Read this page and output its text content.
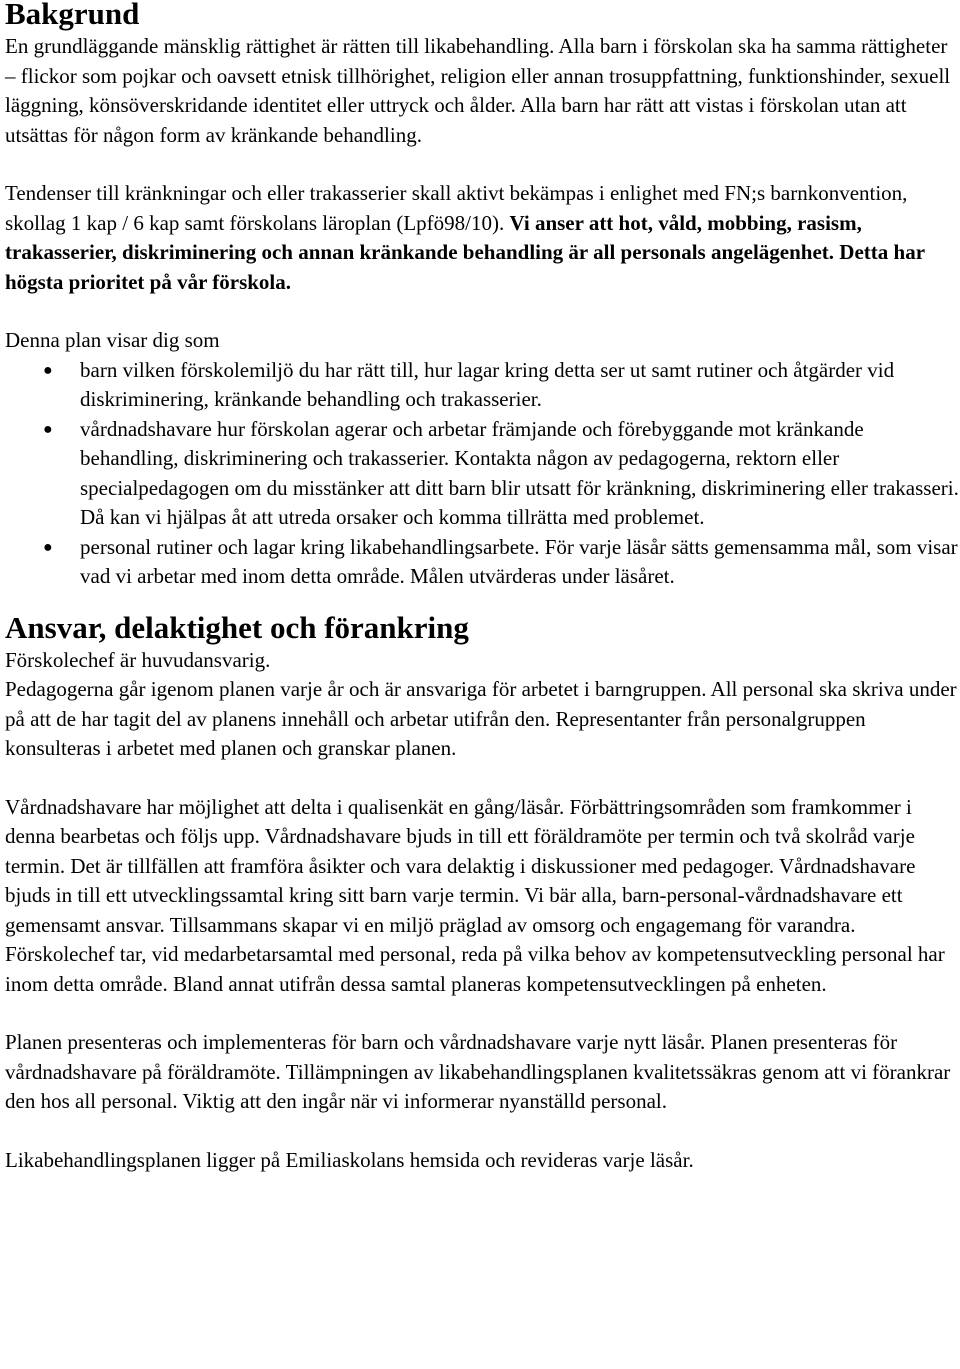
Bakgrund

En grundläggande mänsklig rättighet är rätten till likabehandling. Alla barn i förskolan ska ha samma rättigheter – flickor som pojkar och oavsett etnisk tillhörighet, religion eller annan trosuppfattning, funktionshinder, sexuell läggning, könsöverskridande identitet eller uttryck och ålder. Alla barn har rätt att vistas i förskolan utan att utsättas för någon form av kränkande behandling.

Tendenser till kränkningar och eller trakasserier skall aktivt bekämpas i enlighet med FN;s barnkonvention, skollag 1 kap / 6 kap samt förskolans läroplan (Lpfö98/10). Vi anser att hot, våld, mobbing, rasism, trakasserier, diskriminering och annan kränkande behandling är all personals angelägenhet. Detta har högsta prioritet på vår förskola.

Denna plan visar dig som

● barn vilken förskolemiljö du har rätt till, hur lagar kring detta ser ut samt rutiner och åtgärder vid diskriminering, kränkande behandling och trakasserier.
● vårdnadshavare hur förskolan agerar och arbetar främjande och förebyggande mot kränkande behandling, diskriminering och trakasserier. Kontakta någon av pedagogerna, rektorn eller specialpedagogen om du misstänker att ditt barn blir utsatt för kränkning, diskriminering eller trakasseri. Då kan vi hjälpas åt att utreda orsaker och komma tillrätta med problemet.
● personal rutiner och lagar kring likabehandlingsarbete. För varje läsår sätts gemensamma mål, som visar vad vi arbetar med inom detta område. Målen utvärderas under läsåret.
Ansvar, delaktighet och förankring

Förskolechef är huvudansvarig.

Pedagogerna går igenom planen varje år och är ansvariga för arbetet i barngruppen. All personal ska skriva under på att de har tagit del av planens innehåll och arbetar utifrån den. Representanter från personalgruppen konsulteras i arbetet med planen och granskar planen.

Vårdnadshavare har möjlighet att delta i qualisenkät en gång/läsår. Förbättringsområden som framkommer i denna bearbetas och följs upp. Vårdnadshavare bjuds in till ett föräldramöte per termin och två skolråd varje termin. Det är tillfällen att framföra åsikter och vara delaktig i diskussioner med pedagoger. Vårdnadshavare bjuds in till ett utvecklingssamtal kring sitt barn varje termin. Vi bär alla, barn-personal-vårdnadshavare ett gemensamt ansvar. Tillsammans skapar vi en miljö präglad av omsorg och engagemang för varandra.

Förskolechef tar, vid medarbetarsamtal med personal, reda på vilka behov av kompetensutveckling personal har inom detta område. Bland annat utifrån dessa samtal planeras kompetensutvecklingen på enheten.

Planen presenteras och implementeras för barn och vårdnadshavare varje nytt läsår. Planen presenteras för vårdnadshavare på föräldramöte. Tillämpningen av likabehandlingsplanen kvalitetssäkras genom att vi förankrar den hos all personal. Viktig att den ingår när vi informerar nyanställd personal.

Likabehandlingsplanen ligger på Emiliaskolans hemsida och revideras varje läsår.
